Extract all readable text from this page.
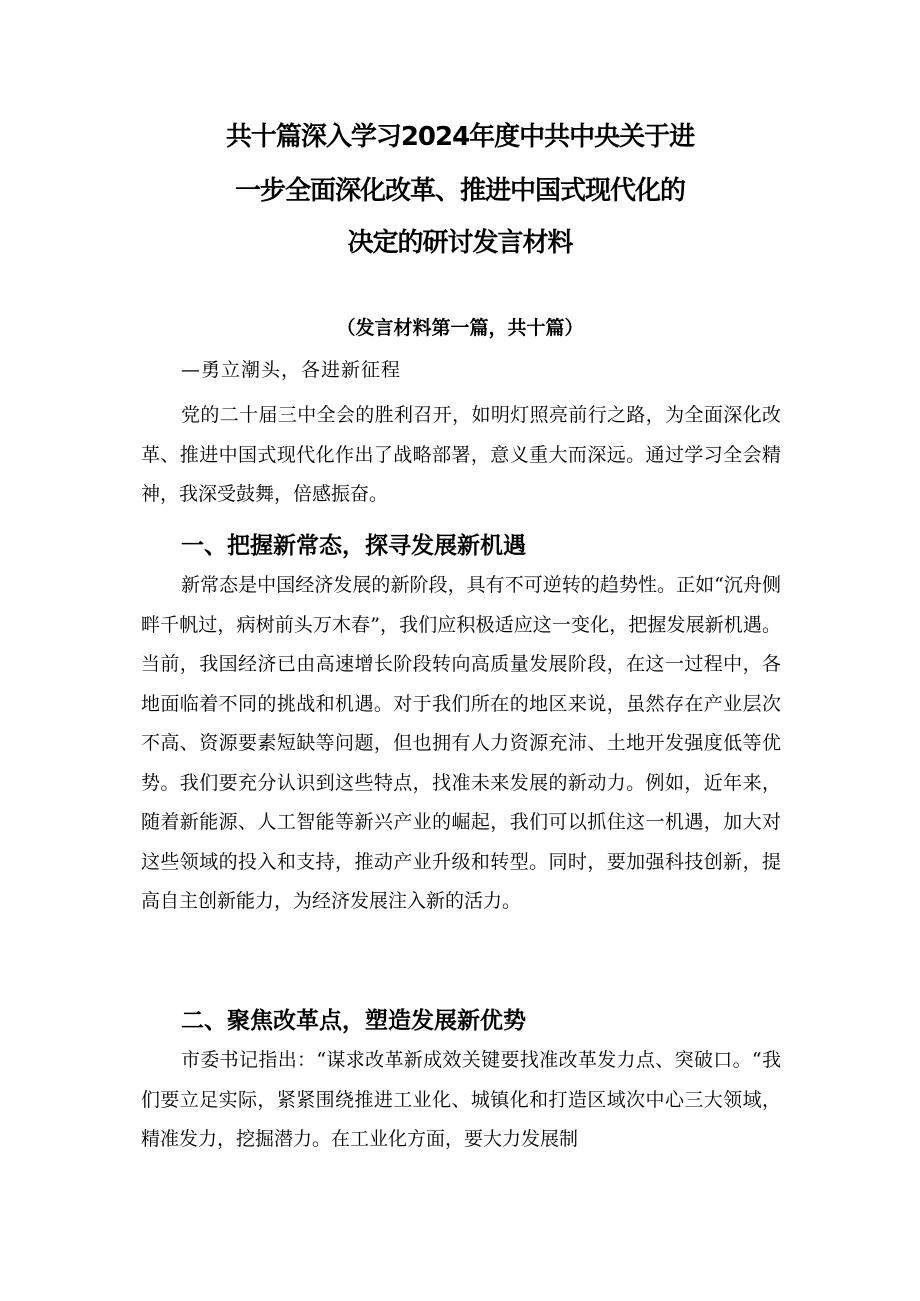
共十篇深入学习2024年度中共中央关于进
一步全面深化改革、推进中国式现代化的
决定的研讨发言材料
（发言材料第一篇，共十篇）
—勇立潮头，各进新征程

党的二十届三中全会的胜利召开，如明灯照亮前行之路，为全面深化改革、推进中国式现代化作出了战略部署，意义重大而深远。通过学习全会精神，我深受鼓舞，倍感振奋。

一、把握新常态，探寻发展新机遇

新常态是中国经济发展的新阶段，具有不可逆转的趋势性。正如“沉舟侧畔千帆过，病树前头万木春”，我们应积极适应这一变化，把握发展新机遇。当前，我国经济已由高速增长阶段转向高质量发展阶段，在这一过程中，各地面临着不同的挑战和机遇。对于我们所在的地区来说，虽然存在产业层次不高、资源要素短缺等问题，但也拥有人力资源充沛、土地开发强度低等优势。我们要充分认识到这些特点，找准未来发展的新动力。例如，近年来，随着新能源、人工智能等新兴产业的崛起，我们可以抓住这一机遇，加大对这些领域的投入和支持，推动产业升级和转型。同时，要加强科技创新，提高自主创新能力，为经济发展注入新的活力。

二、聚焦改革点，塑造发展新优势

市委书记指出：“谋求改革新成效关键要找准改革发力点、突破口。“我们要立足实际，紧紧围绕推进工业化、城镇化和打造区域次中心三大领域，精准发力，挖掘潜力。在工业化方面，要大力发展制
